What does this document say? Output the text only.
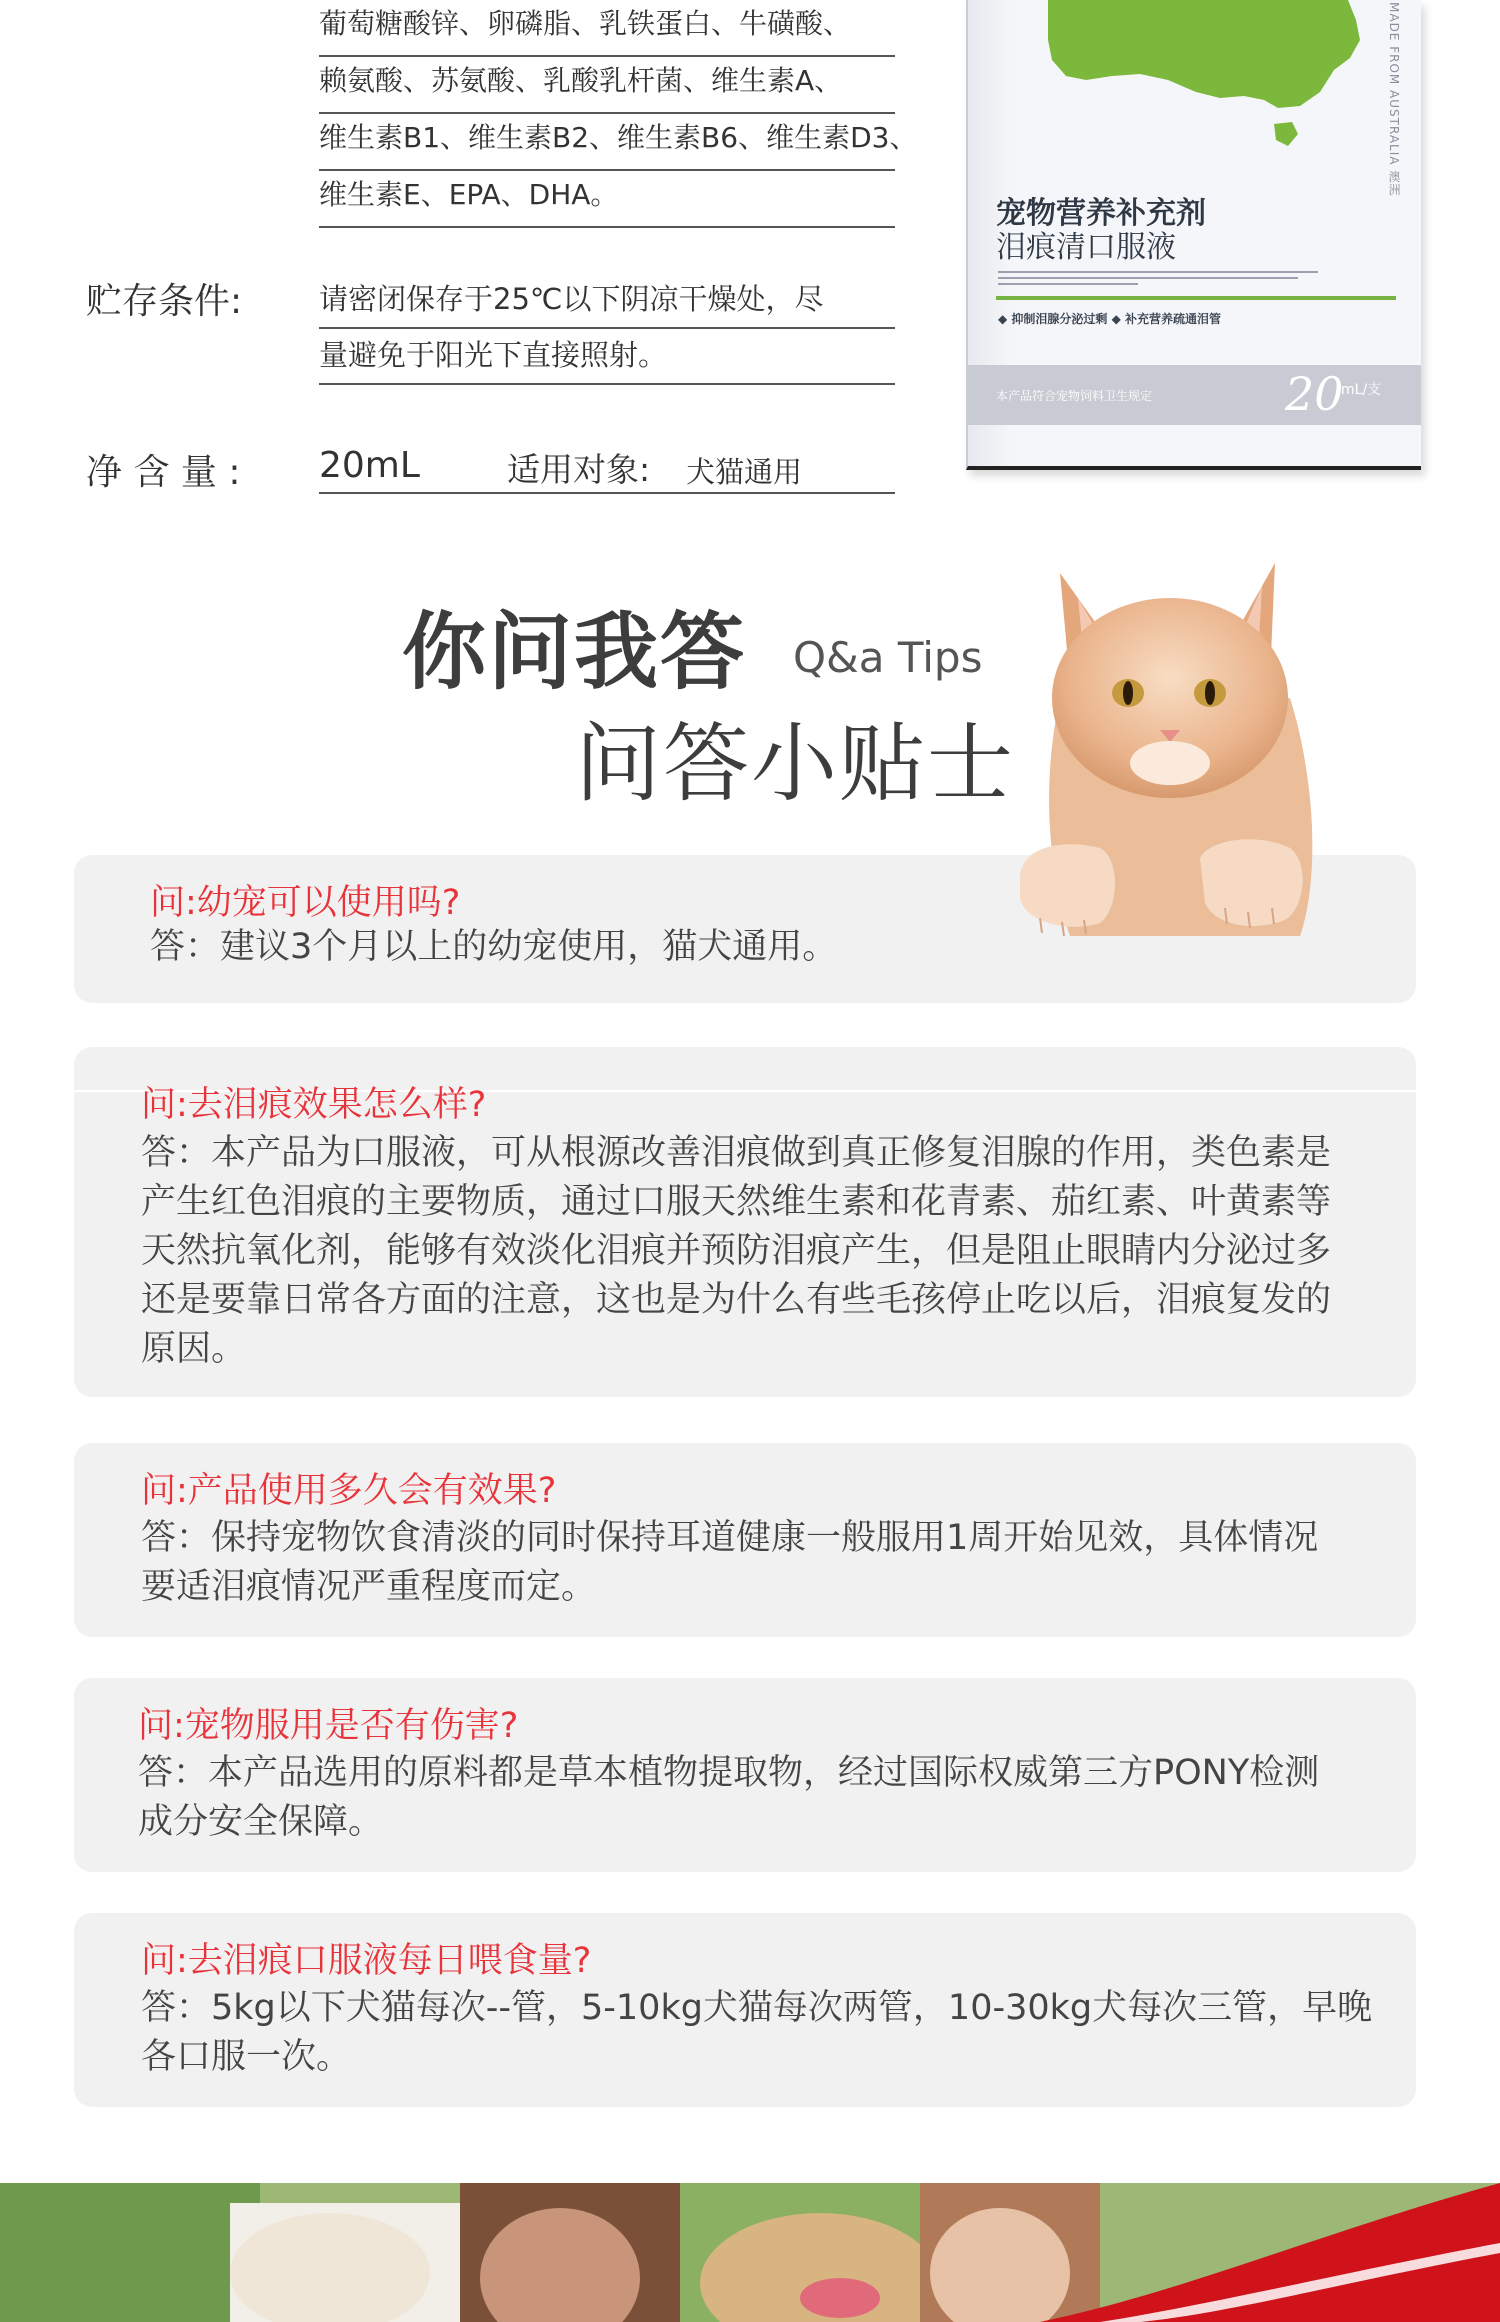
葡萄糖酸锌、卵磷脂、乳铁蛋白、牛磺酸、
赖氨酸、苏氨酸、乳酸乳杆菌、维生素A、
维生素B1、维生素B2、维生素B6、维生素D3、
维生素E、EPA、DHA。
贮存条件:	请密闭保存于25℃以下阴凉干燥处，尽
量避免于阳光下直接照射。
净 含 量 : 20mL	适用对象: 犬猫通用
MADE FROM AUSTRALIA 澳洲
宠物营养补充剂
泪痕清口服液
◆ 抑制泪腺分泌过剩 ◆ 补充营养疏通泪管
本产品符合宠物饲料卫生规定	20
mL/支
你问我答 Q&a Tips
问答小贴士
问:幼宠可以使用吗?
答：建议3个月以上的幼宠使用，猫犬通用。
问:去泪痕效果怎么样?
答：本产品为口服液，可从根源改善泪痕做到真正修复泪腺的作用，类色素是
产生红色泪痕的主要物质，通过口服天然维生素和花青素、茄红素、叶黄素等
天然抗氧化剂，能够有效淡化泪痕并预防泪痕产生，但是阻止眼睛内分泌过多
还是要靠日常各方面的注意，这也是为什么有些毛孩停止吃以后，泪痕复发的
原因。
问:产品使用多久会有效果?
答：保持宠物饮食清淡的同时保持耳道健康一般服用1周开始见效，具体情况
要适泪痕情况严重程度而定。
问:宠物服用是否有伤害?
答：本产品选用的原料都是草本植物提取物，经过国际权威第三方PONY检测
成分安全保障。
问:去泪痕口服液每日喂食量?
答：5kg以下犬猫每次--管，5-10kg犬猫每次两管，10-30kg犬每次三管，早晚
各口服一次。
